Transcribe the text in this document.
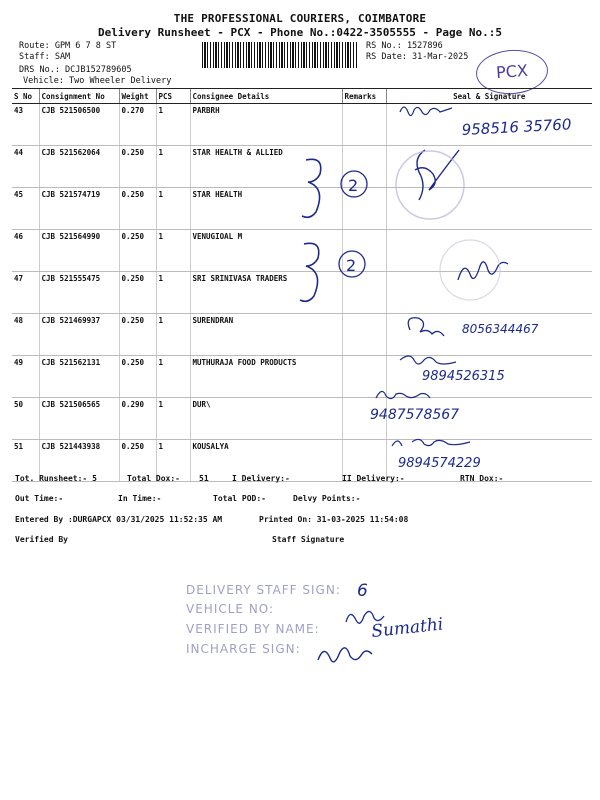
THE PROFESSIONAL COURIERS, COIMBATORE
Delivery Runsheet - PCX - Phone No.:0422-3505555 - Page No.:5
Route: GPM 6 7 8 ST
Staff: SAM
DRS No.: DCJB152789605
Vehicle: Two Wheeler Delivery
RS No.: 1527896
RS Date: 31-Mar-2025
PCX
S No	Consignment No	Weight	PCS	Consignee Details	Remarks	Seal & Signature
43	CJB 521506500	0.270	1	PARBRH		
44	CJB 521562064	0.250	1	STAR HEALTH & ALLIED		
45	CJB 521574719	0.250	1	STAR HEALTH		
46	CJB 521564990	0.250	1	VENUGIOAL M		
47	CJB 521555475	0.250	1	SRI SRINIVASA TRADERS		
48	CJB 521469937	0.250	1	SURENDRAN		
49	CJB 521562131	0.250	1	MUTHURAJA FOOD PRODUCTS		
50	CJB 521506565	0.290	1	DUR\		
51	CJB 521443938	0.250	1	KOUSALYA		
958516 35760
2
2
8056344467
9894526315
9487578567
9894574229
Tot. Runsheet:- 5	Total Dox:- 51	I Delivery:-	II Delivery:-	RTN Dox:-
Out Time:-	In Time:-	Total POD:-	Delvy Points:-
Entered By :DURGAPCX 03/31/2025 11:52:35 AM	Printed On: 31-03-2025 11:54:08
Verified By	Staff Signature
DELIVERY STAFF SIGN:
VEHICLE NO:
VERIFIED BY NAME:
INCHARGE SIGN:
6
Sumathi
